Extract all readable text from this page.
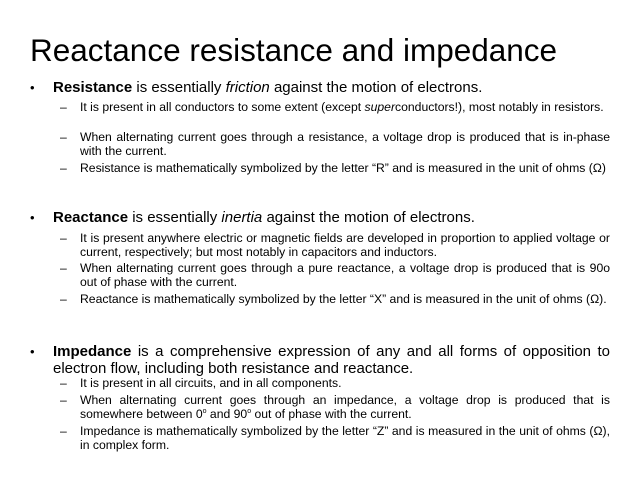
Reactance resistance and impedance
• Resistance is essentially friction against the motion of electrons.
– It is present in all conductors to some extent (except superconductors!), most notably in resistors.
– When alternating current goes through a resistance, a voltage drop is produced that is in-phase with the current.
– Resistance is mathematically symbolized by the letter “R” and is measured in the unit of ohms (Ω)
• Reactance is essentially inertia against the motion of electrons.
– It is present anywhere electric or magnetic fields are developed in proportion to applied voltage or current, respectively; but most notably in capacitors and inductors.
– When alternating current goes through a pure reactance, a voltage drop is produced that is 90o out of phase with the current.
– Reactance is mathematically symbolized by the letter “X” and is measured in the unit of ohms (Ω).
• Impedance is a comprehensive expression of any and all forms of opposition to electron flow, including both resistance and reactance.
– It is present in all circuits, and in all components.
– When alternating current goes through an impedance, a voltage drop is produced that is somewhere between 0$^o$ and 90$^o$ out of phase with the current.
– Impedance is mathematically symbolized by the letter “Z” and is measured in the unit of ohms (Ω), in complex form.
